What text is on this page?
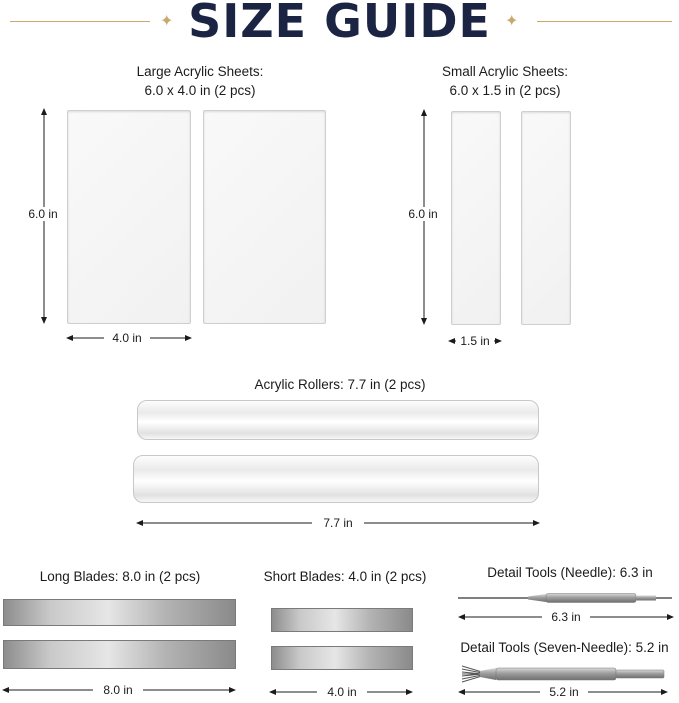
SIZE GUIDE
✦	✦
Large Acrylic Sheets:
6.0 x 4.0 in (2 pcs)
6.0 in
4.0 in
Small Acrylic Sheets:
6.0 x 1.5 in (2 pcs)
6.0 in
1.5 in
Acrylic Rollers: 7.7 in (2 pcs)
7.7 in
Long Blades: 8.0 in (2 pcs)
8.0 in
Short Blades: 4.0 in (2 pcs)
4.0 in
Detail Tools (Needle): 6.3 in
6.3 in
Detail Tools (Seven-Needle): 5.2 in
5.2 in
